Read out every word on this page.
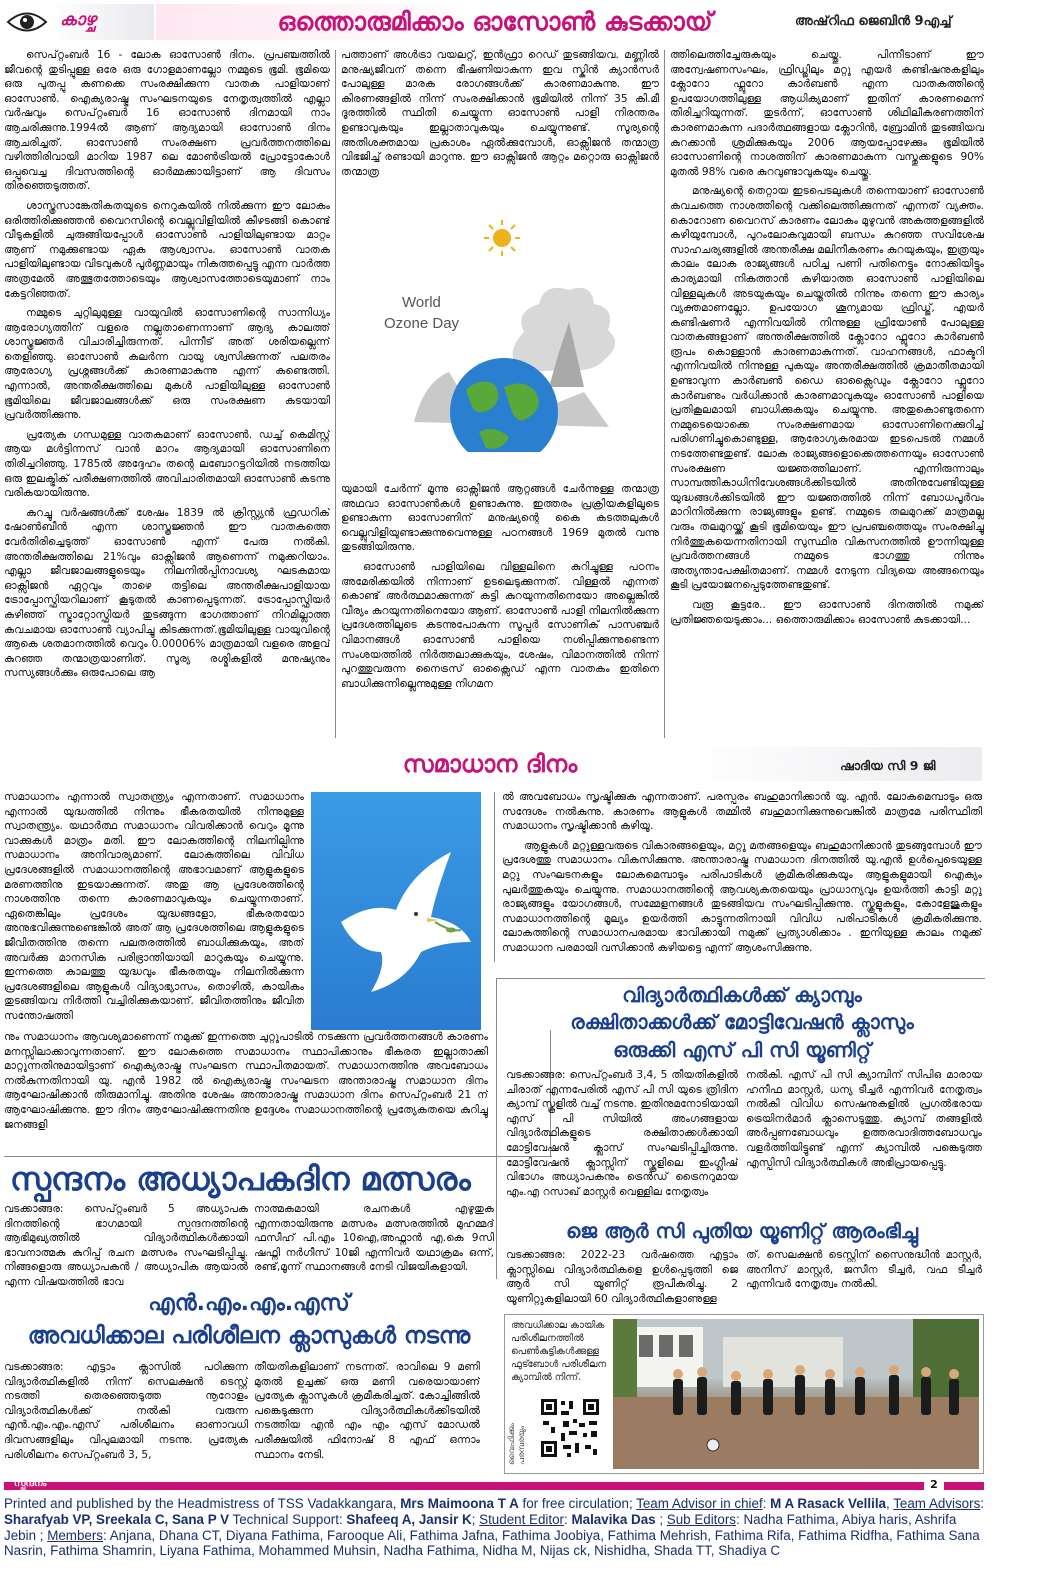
കാഴ്ച	ഒത്തൊരുമിക്കാം ഓസോൺ കുടക്കായ്	അഷ്‌റിഫ ജെബിൻ 9എച്ച്

സെപ്റ്റംബർ 16 - ലോക ഓസോൺ ദിനം. പ്രപഞ്ചത്തിൽ ജീവന്റെ തുടിപ്പുള്ള ഒരേ ഒരു ഗോളമാണല്ലോ നമ്മുടെ ഭൂമി. ഭൂമിയെ ഒരു പുതപ്പു കണക്കെ സംരക്ഷിക്കുന്ന വാതക പാളിയാണ് ഓസോൺ. ഐക്യരാഷ്ട്ര സംഘടനയുടെ നേതൃത്വത്തിൽ എല്ലാ വർഷവും സെപ്റ്റംബർ 16 ഓസോൺ ദിനമായി നാം ആചരിക്കുന്നു.1994ൽ ആണ് ആദ്യമായി ഓസോൺ ദിനം ആചരിച്ചത്. ഓസോൺ സംരക്ഷണ പ്രവർത്തനത്തിലെ വഴിത്തിരിവായി മാറിയ 1987 ലെ മോൺട്രിയൽ പ്രോട്ടോകോൾ ഒപ്പുവെച്ച ദിവസത്തിന്റെ ഓർമ്മക്കായിട്ടാണ് ആ ദിവസം തിരഞ്ഞെടുത്തത്.

ശാസ്ത്രസാങ്കേതികതയുടെ നെറുകയിൽ നിൽക്കുന്ന ഈ ലോകം ഒരിത്തിരിക്കുഞ്ഞൻ വൈറസിന്റെ വെല്ലുവിളിയിൽ കീഴടങ്ങി കൊണ്ട് വീടുകളിൽ ചുരുങ്ങിയപ്പോൾ ഓസോൺ പാളിയിലുണ്ടായ മാറ്റം ആണ് നമുക്കുണ്ടായ ഏക ആശ്വാസം. ഓസോൺ വാതക പാളിയിലുണ്ടായ വിടവുകൾ പൂർണ്ണമായും നികത്തപ്പെട്ടു എന്ന വാർത്ത അത്രമേൽ അത്ഭുതത്തോടെയും ആശ്വാസത്തോടെയുമാണ് നാം കേട്ടറിഞ്ഞത്.

നമ്മുടെ ചുറ്റിലുമുള്ള വായുവിൽ ഓസോണിന്റെ സാന്നിധ്യം ആരോഗ്യത്തിന് വളരെ നല്ലതാണെന്നാണ് ആദ്യ കാലത്ത് ശാസ്ത്രജ്ഞർ വിചാരിച്ചിരുന്നത്. പിന്നീട് അത് ശരിയല്ലെന്ന് തെളിഞ്ഞു. ഓസോൺ കലർന്ന വായു ശ്വസിക്കുന്നത് പലതരം ആരോഗ്യ പ്രശ്നങ്ങൾക്ക് കാരണമാകുന്നു എന്ന് കണ്ടെത്തി. എന്നാൽ, അന്തരീക്ഷത്തിലെ മുകൾ പാളിയിലുള്ള ഓസോൺ ഭൂമിയിലെ ജീവജാലങ്ങൾക്ക് ഒരു സംരക്ഷണ കുടയായി പ്രവർത്തിക്കുന്നു.

പ്രത്യേക ഗന്ധമുള്ള വാതകമാണ് ഓസോൺ. ഡച്ച് കെമിസ്റ്റ് ആയ മൾട്ടിന്നസ് വാൻ മാറം ആദ്യമായി ഓസോണിനെ തിരിച്ചറിഞ്ഞു. 1785ൽ അദ്ദേഹം തന്റെ ലബോറട്ടറിയിൽ നടത്തിയ ഒരു ഇലക്ട്രിക് പരീക്ഷണത്തിൽ അവിചാരിതമായി ഓസോൺ കടന്നു വരികയായിരുന്നു.

കുറച്ചു വർഷങ്ങൾക്ക് ശേഷം 1839 ൽ ക്രിസ്റ്റ്യൻ ഫ്രഡറിക് ഷോൺബീൻ എന്ന ശാസ്ത്രജ്ഞൻ ഈ വാതകത്തെ വേർതിരിച്ചെടുത്ത് ഓസോൺ എന്ന് പേരു നൽകി. അന്തരീക്ഷത്തിലെ 21%വും ഓക്സിജൻ ആണെന്ന് നമുക്കറിയാം. എല്ലാ ജീവജാലങ്ങളുടെയും നിലനിൽപ്പിനാവശ്യ ഘടകമായ ഓക്സിജൻ ഏറ്റവും താഴെ തട്ടിലെ അന്തരീക്ഷപാളിയായ ട്രോപ്പോസ്ഫിയറിലാണ് കൂടുതൽ കാണപ്പെടുന്നത്. ട്രോപ്പോസ്ഫിയർ കഴിഞ്ഞ് സ്ട്രാറ്റോസ്ഫിയർ തുടങ്ങുന്ന ഭാഗത്താണ് നിറമില്ലാത്ത കവചമായ ഓസോൺ വ്യാപിച്ചു കിടക്കുന്നത്.ഭൂമിയിലുള്ള വായുവിന്റെ ആകെ ശതമാനത്തിൽ വെറും 0.00006% മാത്രമായി വളരെ അളവ് കുറഞ്ഞ തന്മാത്രയാണിത്. സൂര്യ രശ്മികളിൽ മനുഷ്യനും സസ്യങ്ങൾക്കും ഒരുപോലെ ആ

പത്താണ് അൾട്രാ വയലറ്റ്, ഇൻഫ്രാ റെഡ് തുടങ്ങിയവ. മണ്ണിൽ മനുഷ്യജീവന് തന്നെ ഭീഷണിയാകുന്ന ഇവ സ്കിൻ ക്യാൻസർ പോലുള്ള മാരക രോഗങ്ങൾക്ക് കാരണമാകുന്നു. ഈ കിരണങ്ങളിൽ നിന്ന് സംരക്ഷിക്കാൻ ഭൂമിയിൽ നിന്ന് 35 കി.മീ ദൂരത്തിൽ സ്ഥിതി ചെയ്യുന്ന ഓസോൺ പാളി നിരന്തരം ഉണ്ടാവുകയും ഇല്ലാതാവുകയും ചെയ്യുന്നുണ്ട്. സൂര്യന്റെ അതിശക്തമായ പ്രകാശം ഏൽക്കുമ്പോൾ, ഓക്സിജൻ തന്മാത്ര വിഭജിച്ച് രണ്ടായി മാറുന്നു. ഈ ഓക്സിജൻ ആറ്റം മറ്റൊരു ഓക്സിജൻ തന്മാത്ര

World
Ozone Day

യുമായി ചേർന്ന് മൂന്നു ഓക്സിജൻ ആറ്റങ്ങൾ ചേർന്നുള്ള തന്മാത്ര അഥവാ ഓസോൺകൾ ഉണ്ടാകുന്നു. ഇത്തരം പ്രക്രിയകളിലൂടെ ഉണ്ടാകുന്ന ഓസോണിന് മനുഷ്യന്റെ കൈ കടത്തലുകൾ വെല്ലുവിളിയുണ്ടാക്കുന്നുവെന്നുള്ള പഠനങ്ങൾ 1969 മുതൽ വന്നു തുടങ്ങിയിരുന്നു.

ഓസോൺ പാളിയിലെ വിള്ളലിനെ കുറിച്ചുള്ള പഠനം അമേരിക്കയിൽ നിന്നാണ് ഉടലെടുക്കുന്നത്. വിള്ളൽ എന്നത് കൊണ്ട് അർത്ഥമാക്കുന്നത് കട്ടി കുറയുന്നതിനെയോ അല്ലെങ്കിൽ വീര്യം കുറയുന്നതിനെയോ ആണ്. ഓസോൺ പാളി നിലനിൽക്കുന്ന പ്രദേശത്തിലൂടെ കടന്നുപോകുന്ന സൂപ്പർ സോണിക് പാസഞ്ചർ വിമാനങ്ങൾ ഓസോൺ പാളിയെ നശിപ്പിക്കുന്നുണ്ടെന്ന സംശയത്തിൽ നിർത്തലാക്കുകയും, ശേഷം, വിമാനത്തിൽ നിന്ന് പുറത്തുവരുന്ന നൈട്രസ് ഓക്സൈഡ് എന്ന വാതകം ഇതിനെ ബാധിക്കുന്നില്ലെന്നുമുള്ള നിഗമന

ത്തിലെത്തിച്ചേരുകയും ചെയ്തു. പിന്നീടാണ് ഈ അന്വേഷണസംഘം, ഫ്രിഡ്ജിലും മറ്റു എയർ കണ്ടിഷനുകളിലും ക്ലോറോ ഫ്ലൂറോ കാർബൺ എന്ന വാതകത്തിന്റെ ഉപയോഗത്തിലുള്ള ആധിക്യമാണ് ഇതിന് കാരണമെന്ന് തിരിച്ചറിയുന്നത്. തുടർന്ന്, ഓസോൺ ശിഥിലീകരണത്തിന് കാരണമാകുന്ന പദാർത്ഥങ്ങളായ ക്ലോറിൻ, ബ്രോമിൻ തുടങ്ങിയവ കുറക്കാൻ ശ്രമിക്കുകയും 2006 ആയപ്പോഴേക്കും ഭൂമിയിൽ ഓസോണിന്റെ നാശത്തിന് കാരണമാകുന്ന വസ്തുക്കളുടെ 90% മുതൽ 98% വരെ കുറവുണ്ടാവുകയും ചെയ്തു.

മനുഷ്യന്റെ തെറ്റായ ഇടപെടലുകൾ തന്നെയാണ് ഓസോൺ കവചത്തെ നാശത്തിന്റെ വക്കിലെത്തിക്കുന്നത് എന്നത് വ്യക്തം. കൊറോണ വൈറസ് കാരണം ലോകം മുഴുവൻ അകത്തളങ്ങളിൽ കഴിയുമ്പോൾ, പുറംലോകവുമായി ബന്ധം കുറഞ്ഞ സവിശേഷ സാഹചര്യങ്ങളിൽ അന്തരീക്ഷ മലിനീകരണം കുറയുകയും, ഇത്രയും കാലം ലോക രാജ്യങ്ങൾ പഠിച്ച പണി പതിനെട്ടും നോക്കിയിട്ടും കാര്യമായി നികത്താൻ കഴിയാത്ത ഓസോൺ പാളിയിലെ വിള്ളലുകൾ അടയുകയും ചെയ്തതിൽ നിന്നും തന്നെ ഈ കാര്യം വ്യക്തമാണല്ലോ. ഉപയോഗ ശൂന്യമായ ഫ്രിഡ്ജ്, എയർ കണ്ടിഷണർ എന്നിവയിൽ നിന്നുള്ള ഫ്രിയോൺ പോലുള്ള വാതകങ്ങളാണ് അന്തരീക്ഷത്തിൽ ക്ലോറോ ഫ്ലൂറോ കാർബൺ രൂപം കൊള്ളാൻ കാരണമാകുന്നത്. വാഹനങ്ങൾ, ഫാക്ടറി എന്നിവയിൽ നിന്നുള്ള പുകയും അന്തരീക്ഷത്തിൽ ക്രമാതീതമായി ഉണ്ടാവുന്ന കാർബൺ ഡൈ ഓക്സൈഡും ക്ലോറോ ഫ്ലൂറോ കാർബണും വർധിക്കാൻ കാരണമാവുകയും ഓസോൺ പാളിയെ പ്രതികൂലമായി ബാധിക്കുകയും ചെയ്യുന്നു. അതുകൊണ്ടുതന്നെ നമ്മുടെയൊക്കെ സംരക്ഷണമായ ഓസോണിനെക്കുറിച്ച് പരിഗണിച്ചുകൊണ്ടുള്ള, ആരോഗ്യകരമായ ഇടപെടൽ നമ്മൾ നടത്തേണ്ടതുണ്ട്. ലോക രാജ്യങ്ങളൊക്കെത്തന്നെയും ഓസോൺ സംരക്ഷണ യജ്ഞത്തിലാണ്. എന്നിരുന്നാലും സാമ്പത്തികാധിനിവേശങ്ങൾക്കിടയിൽ അതിനുവേണ്ടിയുള്ള യുദ്ധങ്ങൾക്കിടയിൽ ഈ യജ്ഞത്തിൽ നിന്ന് ബോധപൂർവം മാറിനിൽക്കുന്ന രാജ്യങ്ങളും ഉണ്ട്. നമ്മുടെ തലമുറക്ക് മാത്രമല്ല വരും തലമുറയ്ക്ക് കൂടി ഭൂമിയെയും ഈ പ്രപഞ്ചത്തെയും സംരക്ഷിച്ചു നിർത്തുകയെന്നതിനായി സുസ്ഥിര വികസനത്തിൽ ഊന്നിയുള്ള പ്രവർത്തനങ്ങൾ നമ്മുടെ ഭാഗത്തു നിന്നും അത്യന്താപേക്ഷിതമാണ്. നമ്മൾ നേടുന്ന വിദ്യയെ അങ്ങനെയും കൂടി പ്രയോജനപ്പെടുത്തേണ്ടതുണ്ട്.

വരൂ കൂട്ടരേ.. ഈ ഓസോൺ ദിനത്തിൽ നമുക്ക് പ്രതിജ്ഞയെടുക്കാം... ഒത്തൊരുമിക്കാം ഓസോൺ കുടക്കായി...

സമാധാന ദിനം	ഷാദിയ സി 9 ജി

സമാധാനം എന്നാൽ സ്വാതന്ത്ര്യം എന്നതാണ്. സമാധാനം എന്നാൽ യുദ്ധത്തിൽ നിന്നും ഭീകരതയിൽ നിന്നുമുള്ള സ്വാതന്ത്ര്യം. യഥാർത്ഥ സമാധാനം വിവരിക്കാൻ വെറും മൂന്നു വാക്കുകൾ മാത്രം മതി. ഈ ലോകത്തിന്റെ നിലനില്പിന്നു സമാധാനം അനിവാര്യമാണ്. ലോകത്തിലെ വിവിധ പ്രദേശങ്ങളിൽ സമാധാനത്തിന്റെ അഭാവമാണ് ആളുകളുടെ മരണത്തിനു ഇടയാക്കുന്നത്. അതു ആ പ്രദേശത്തിന്റെ നാശത്തിനു തന്നെ കാരണമാവുകയും ചെയ്യുന്നതാണ്. ഏതെങ്കിലും പ്രദേശം യുദ്ധങ്ങളോ, ഭീകരതയോ അനുഭവിക്കുന്നുണ്ടെങ്കിൽ അത് ആ പ്രദേശത്തിലെ ആളുകളുടെ ജീവിതത്തിനു തന്നെ പലതരത്തിൽ ബാധിക്കുകയും, അത് അവർക്കു മാനസിക പരിഭ്രാന്തിയായി മാറുകയും ചെയ്യുന്നു. ഇന്നത്തെ കാലത്തു യുദ്ധവും ഭീകരതയും നിലനിൽക്കുന്ന പ്രദേശങ്ങളിലെ ആളുകൾ വിദ്യാഭ്യാസം, തൊഴിൽ, കായികം തുടങ്ങിയവ നിർത്തി വച്ചിരിക്കുകയാണ്. ജീവിതത്തിനും ജീവിത സന്തോഷത്തി

നും സമാധാനം ആവശ്യമാണെന്ന് നമുക്ക് ഇന്നത്തെ ചുറ്റുപാടിൽ നടക്കുന്ന പ്രവർത്തനങ്ങൾ കാരണം മനസ്സിലാക്കാവുന്നതാണ്. ഈ ലോകത്തെ സമാധാനം സ്ഥാപിക്കാനും ഭീകരത ഇല്ലാതാക്കി മാറ്റുന്നതിനുമായിട്ടാണ് ഐക്യരാഷ്ട്ര സംഘടന സ്ഥാപിതമായത്. സമാധാനത്തിനു അവബോധം നൽകുന്നതിനായി യു. എൻ 1982 ൽ ഐക്യരാഷ്ട്ര സംഘടന അന്താരാഷ്ട്ര സമാധാന ദിനം ആഘോഷിക്കാൻ തീരുമാനിച്ചു. അതിനു ശേഷം അന്താരാഷ്ട്ര സമാധാന ദിനം സെപ്റ്റംബർ 21 ന് ആഘോഷിക്കുന്നു. ഈ ദിനം ആഘോഷിക്കുന്നതിനു ഉദ്ദേശം സമാധാനത്തിന്റെ പ്രത്യേകതയെ കുറിച്ചു ജനങ്ങളി

ൽ അവബോധം സൃഷ്ടിക്കുക എന്നതാണ്. പരസ്പരം ബഹുമാനിക്കാൻ യു. എൻ. ലോകമെമ്പാടും ഒരു സന്ദേശം നൽകുന്നു. കാരണം ആളുകൾ തമ്മിൽ ബഹുമാനിക്കുന്നുവെങ്കിൽ മാത്രമേ പരിസ്ഥിതി സമാധാനം സൃഷ്ടിക്കാൻ കഴിയൂ.

ആളുകൾ മറ്റുള്ളവരുടെ വികാരങ്ങളെയും, മറ്റു മതങ്ങളെയും ബഹുമാനിക്കാൻ തുടങ്ങുമ്പോൾ ഈ പ്രദേശത്തു സമാധാനം വികസിക്കുന്നു. അന്താരാഷ്ട്ര സമാധാന ദിനത്തിൽ യു.എൻ ഉൾപ്പെടെയുള്ള മറ്റു സംഘടനകളും ലോകമെമ്പാടും പരിപാടികൾ ക്രമീകരിക്കുകയും ആളുകളുമായി ഐക്യം പുലർത്തുകയും ചെയ്യുന്നു. സമാധാനത്തിന്റെ ആവശ്യകതയെയും പ്രാധാന്യവും ഉയർത്തി കാട്ടി മറ്റു രാജ്യങ്ങളും യോഗങ്ങൾ, സമ്മേളനങ്ങൾ തുടങ്ങിയവ സംഘടിപ്പിക്കുന്നു. സ്കൂളുകളും, കോളേജുകളും സമാധാനത്തിന്റെ മൂല്യം ഉയർത്തി കാട്ടുന്നതിനായി വിവിധ പരിപാടികൾ ക്രമീകരിക്കുന്നു. ലോകത്തിന്റെ സമാധാനപരമായ ഭാവിക്കായി നമുക്ക് പ്രത്യാശിക്കാം . ഇനിയുള്ള കാലം നമുക്ക് സമാധാന പരമായി വസിക്കാൻ കഴിയട്ടെ എന്ന് ആശംസിക്കുന്നു.

വിദ്യാർത്ഥികൾക്ക് ക്യാമ്പും
രക്ഷിതാക്കൾക്ക് മോട്ടിവേഷൻ ക്ലാസും
ഒരുക്കി എസ് പി സി യൂണിറ്റ്

വടക്കാങ്ങര: സെപ്റ്റംബർ 3,4, 5 തീയതികളിൽ ചിരാത് എന്നപേരിൽ എസ് പി സി യുടെ ത്രിദിന ക്യാമ്പ് സ്കൂളിൽ വച്ച് നടന്നു. ഇതിനുമനോടിയായി എസ് പി സിയിൽ അംഗങ്ങളായ വിദ്യാർത്ഥികളുടെ രക്ഷിതാക്കൾക്കായി മോട്ടിവേഷൻ ക്ലാസ് സംഘടിപ്പിച്ചിരുന്നു. മോട്ടിവേഷൻ ക്ലാസ്സിന് സ്കൂളിലെ ഇംഗ്ലീഷ് വിഭാഗം അധ്യാപകനും ട്രെൻഡ് ട്രൈനറുമായ എം.എ റസാഖ് മാസ്റ്റർ വെള്ളില നേതൃത്വം

നൽകി. എസ് പി സി ക്യാമ്പിന് സിപിഒ മാരായ ഹനീഫ മാസ്റ്റർ, ധന്യ ടീച്ചർ എന്നിവർ നേതൃത്വം നൽകി വിവിധ സെഷനുകളിൽ പ്രഗൽഭരായ ട്രെയിനർമാർ ക്ലാസെടുത്തു. ക്യാമ്പ് തങ്ങളിൽ അർപ്പണബോധവും ഉത്തരവാദിത്തബോധവും വളർത്തിയിട്ടുണ്ട് എന്ന് ക്യാമ്പിൽ പങ്കെടുത്ത എസ്പിസി വിദ്യാർത്ഥികൾ അഭിപ്രായപ്പെട്ടു.

ജെ ആർ സി പുതിയ യൂണിറ്റ് ആരംഭിച്ചു

വടക്കാങ്ങര: 2022-23 വർഷത്തെ എട്ടാം ക്ലാസ്സിലെ വിദ്യാർത്ഥികളെ ഉൾപ്പെടുത്തി ജെ ആർ സി യൂണിറ്റ് രൂപീകരിച്ചു. 2 യൂണിറ്റുകളിലായി 60 വിദ്യാർത്ഥികളാണുള്ള

ത്. സെലക്ഷൻ ടെസ്റ്റിന് സൈനുദ്ധീൻ മാസ്റ്റർ, അനീസ് മാസ്റ്റർ, ജസീന ടീച്ചർ, വഫ ടീച്ചർ എന്നിവർ നേതൃത്വം നൽകി.

സ്പന്ദനം അധ്യാപകദിന മത്സരം

വടക്കാങ്ങര: സെപ്റ്റംബർ 5 അധ്യാപക ദിനത്തിന്റെ ഭാഗമായി സ്പന്ദനത്തിന്റെ ആഭിമുഖ്യത്തിൽ വിദ്യാർത്ഥികൾക്കായി ഭാവനാത്മക കുറിപ്പ് രചന മത്സരം സംഘടിപ്പിച്ചു. നിങ്ങളൊരു അധ്യാപകൻ / അധ്യാപിക ആയാൽ എന്ന വിഷയത്തിൽ ഭാവ

നാത്മകമായി രചനകൾ എഴുതുക എന്നതായിരുന്നു മത്സരം മത്സരത്തിൽ മുഹമ്മദ് ഫസീഹ് പി.എം 10ഐ,അഫ്നാൻ എ.കെ 9സി ഷഫ്നി നർഗീസ് 10ജി എന്നിവർ യഥാക്രമം ഒന്ന്, രണ്ട്,മൂന്ന് സ്ഥാനങ്ങൾ നേടി വിജയികളായി.

എൻ.എം.എം.എസ്
അവധിക്കാല പരിശീലന ക്ലാസുകൾ നടന്നു

വടക്കാങ്ങര: എട്ടാം ക്ലാസിൽ പഠിക്കുന്ന വിദ്യാർത്ഥികളിൽ നിന്ന് സെലക്ഷൻ ടെസ്റ്റ് നടത്തി തെരഞ്ഞെടുത്ത നൂറോളം വിദ്യാർത്ഥികൾക്ക് നൽകി വരുന്ന എൻ.എം.എം.എസ് പരിശീലനം ഓണാവധി ദിവസങ്ങളിലും വിപുലമായി നടന്നു. പ്രത്യേക പരിശീലനം സെപ്റ്റംബർ 3, 5,

തീയതികളിലാണ് നടന്നത്. രാവിലെ 9 മണി മുതൽ ഉച്ചക്ക് ഒരു മണി വരെയായാണ് പ്രത്യേക ക്ലാസുകൾ ക്രമീകരിച്ചത്. കോച്ചിങ്ങിൽ പങ്കെടുക്കുന്ന വിദ്യാർത്ഥികൾക്കിടയിൽ നടത്തിയ എൻ എം എം എസ് മോഡൽ പരീക്ഷയിൽ ഫിനോഷ് 8 എഫ് ഒന്നാം സ്ഥാനം നേടി.

അവധിക്കാല കായിക പരിശീലനത്തിൽ പെൺകുട്ടികൾക്കുള്ള ഫുട്ബോൾ പരിശീലന ക്യാമ്പിൽ നിന്ന്.
വൈഫിക്കും പരമ്പരയും
സ്പന്ദനം	2
Printed and published by the Headmistress of TSS Vadakkangara, Mrs Maimoona T A for free circulation; Team Advisor in chief: M A Rasack Vellila, Team Advisors: Sharafyab VP, Sreekala C, Sana P V Technical Support: Shafeeq A, Jansir K; Student Editor: Malavika Das ; Sub Editors: Nadha Fathima, Abiya haris, Ashrifa Jebin ; Members: Anjana, Dhana CT, Diyana Fathima, Farooque Ali, Fathima Jafna, Fathima Joobiya, Fathima Mehrish, Fathima Rifa, Fathima Ridfha, Fathima Sana Nasrin, Fathima Shamrin, Liyana Fathima, Mohammed Muhsin, Nadha Fathima, Nidha M, Nijas ck, Nishidha, Shada TT, Shadiya C
